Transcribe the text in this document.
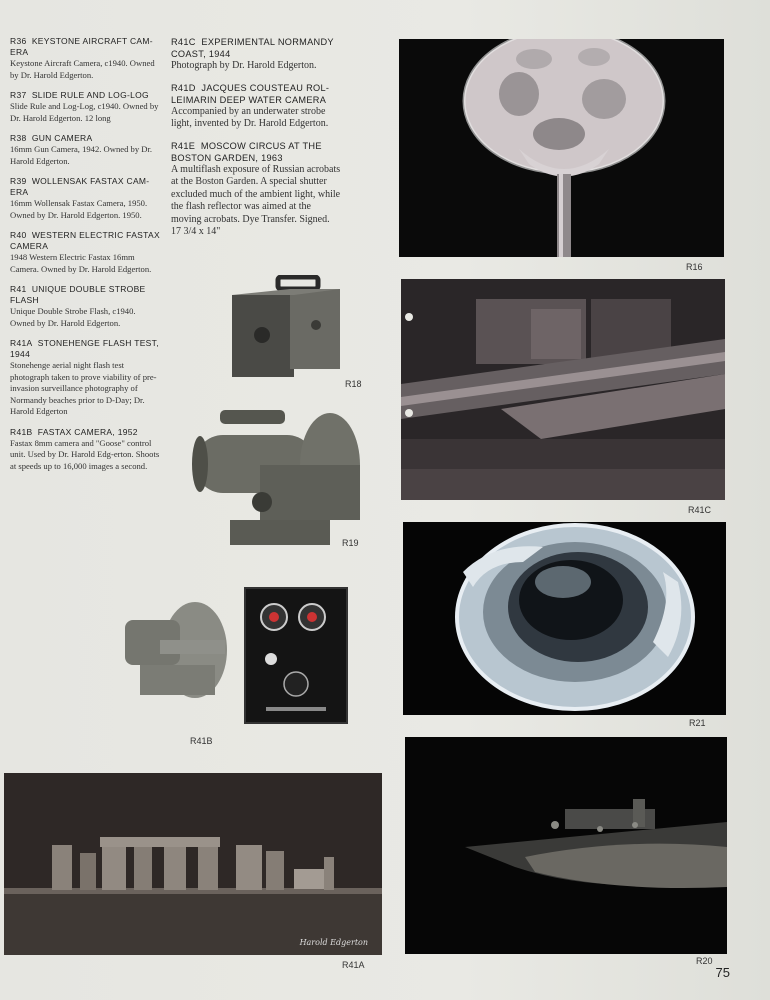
R36 KEYSTONE AIRCRAFT CAM-ERA
Keystone Aircraft Camera, c1940. Owned by Dr. Harold Edgerton.
R37 SLIDE RULE AND LOG-LOG
Slide Rule and Log-Log, c1940. Owned by Dr. Harold Edgerton. 12 long
R38 GUN CAMERA
16mm Gun Camera, 1942. Owned by Dr. Harold Edgerton.
R39 WOLLENSAK FASTAX CAM-ERA
16mm Wollensak Fastax Camera, 1950. Owned by Dr. Harold Edgerton. 1950.
R40 WESTERN ELECTRIC FASTAX CAMERA
1948 Western Electric Fastax 16mm Camera. Owned by Dr. Harold Edgerton.
R41 UNIQUE DOUBLE STROBE FLASH
Unique Double Strobe Flash, c1940. Owned by Dr. Harold Edgerton.
R41A STONEHENGE FLASH TEST, 1944
Stonehenge aerial night flash test photograph taken to prove viability of pre-invasion surveillance photography of Normandy beaches prior to D-Day; Dr. Harold Edgerton
R41B FASTAX CAMERA, 1952
Fastax 8mm camera and "Goose" control unit. Used by Dr. Harold Edg-erton. Shoots at speeds up to 16,000 images a second.
R41C EXPERIMENTAL NORMANDY COAST, 1944
Photograph by Dr. Harold Edgerton.
R41D JACQUES COUSTEAU ROL-LEIMARIN DEEP WATER CAMERA
Accompanied by an underwater strobe light, invented by Dr. Harold Edgerton.
R41E MOSCOW CIRCUS AT THE BOSTON GARDEN, 1963
A multiflash exposure of Russian acrobats at the Boston Garden. A special shutter excluded much of the ambient light, while the flash reflector was aimed at the moving acrobats. Dye Transfer. Signed. 17 3/4 x 14"
R16
R41C
R21
R20
R18
R19
R41B
Harold Edgerton
R41A	75
